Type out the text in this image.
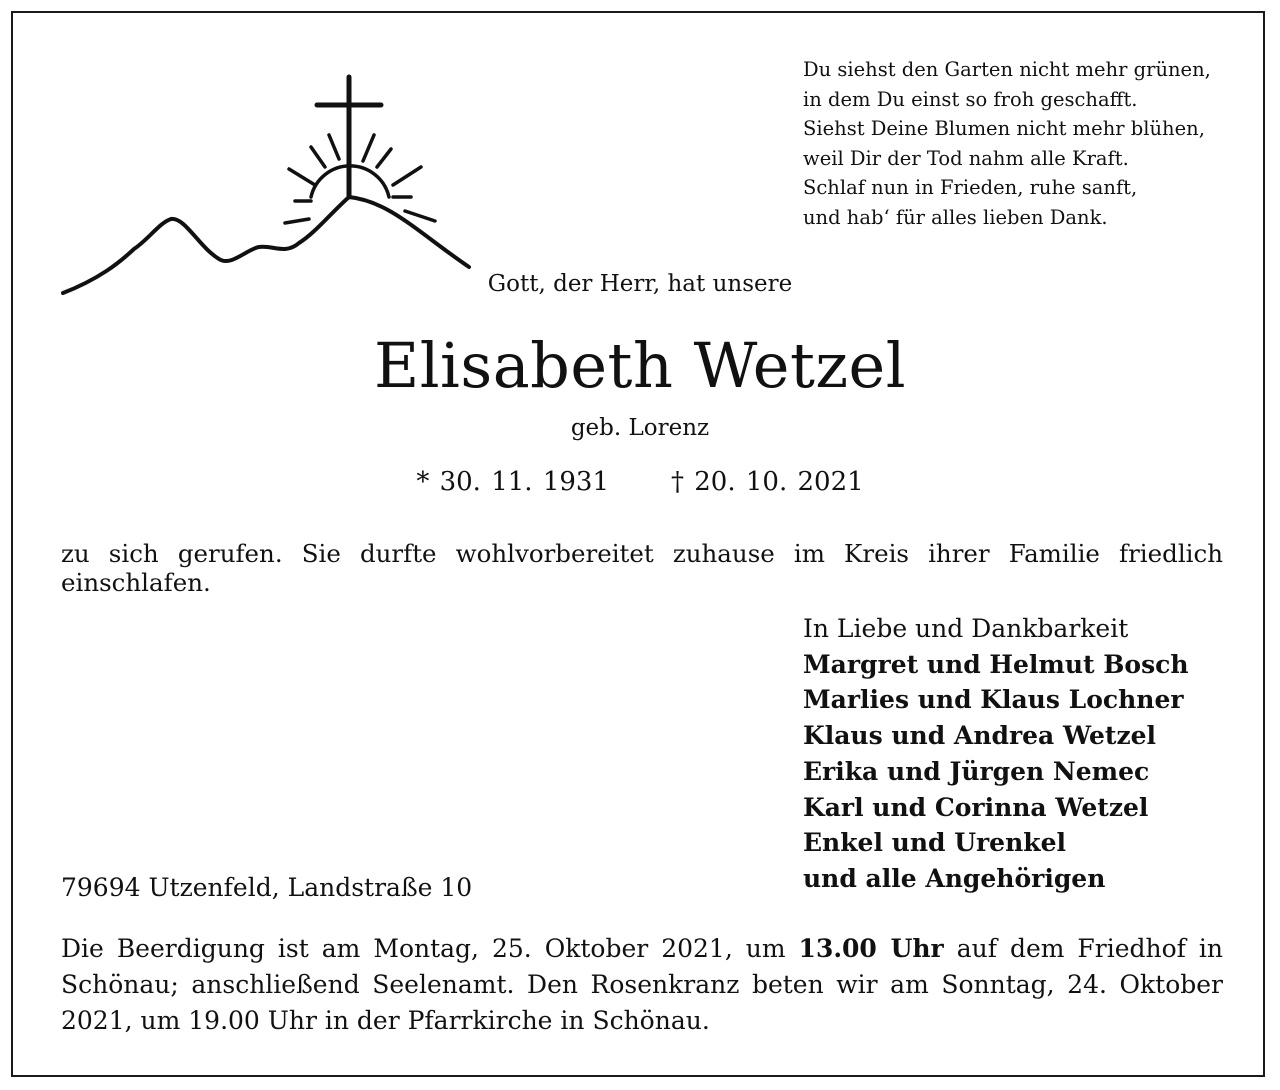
Du siehst den Garten nicht mehr grünen,
in dem Du einst so froh geschafft.
Siehst Deine Blumen nicht mehr blühen,
weil Dir der Tod nahm alle Kraft.
Schlaf nun in Frieden, ruhe sanft,
und hab‘ für alles lieben Dank.
Gott, der Herr, hat unsere
Elisabeth Wetzel
geb. Lorenz
* 30. 11. 1931 † 20. 10. 2021
zu sich gerufen. Sie durfte wohlvorbereitet zuhause im Kreis ihrer Familie friedlich einschlafen.
In Liebe und Dankbarkeit
Margret und Helmut Bosch
Marlies und Klaus Lochner
Klaus und Andrea Wetzel
Erika und Jürgen Nemec
Karl und Corinna Wetzel
Enkel und Urenkel
und alle Angehörigen
79694 Utzenfeld, Landstraße 10
Die Beerdigung ist am Montag, 25. Oktober 2021, um 13.00 Uhr auf dem Friedhof in Schönau; anschließend Seelenamt. Den Rosenkranz beten wir am Sonntag, 24. Oktober 2021, um 19.00 Uhr in der Pfarrkirche in Schönau.
